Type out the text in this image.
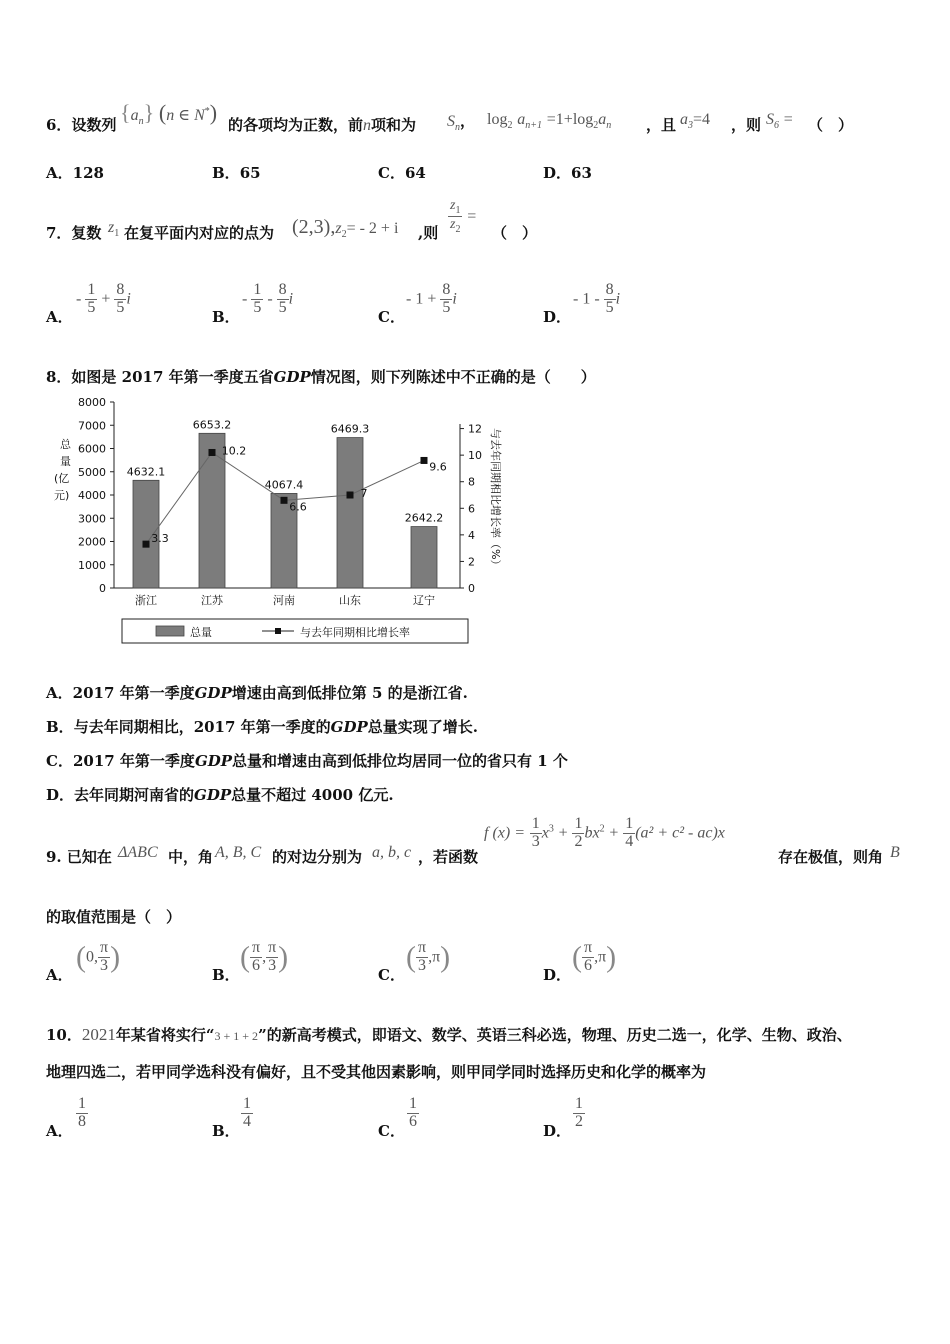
6．设数列 $\{a_n\}$ (n ∈ N*) 的各项均为正数，前n项和为 $S_n$， $\log_2 a_{n+1} =1+\log_2a_n$ ，且 $a_3=4$ ，则 $S_6$ = （　）
A．128	B．65	C．64	D．63
7．复数 $z_1$ 在复平面内对应的点为 $(2,3),z_2= - 2 + i$ ,则 $\frac{z_1}{z_2}$ =
（　）
A．
- $\frac{1}{5} + \frac{8}{5}$ i
B．
- $\frac{1}{5} - \frac{8}{5}$ i
C．
- $1 + \frac{8}{5}$ i
D．
- $1 - \frac{8}{5}$ i
8．如图是 2017 年第一季度五省GDP情况图，则下列陈述中不正确的是（　　）
0
1000
2000
3000
4000
5000
6000
7000
8000
0
2
4
6
8
10
12
总量(亿元)	与去年同期相比增长率（%）
4632.1
浙江
6653.2
江苏
4067.4
河南
6469.3
山东
2642.2
辽宁
3.3
10.2
6.6
7
9.6
总量	与去年同期相比增长率
A．2017 年第一季度GDP增速由高到低排位第 5 的是浙江省.
B．与去年同期相比，2017 年第一季度的GDP总量实现了增长.
C．2017 年第一季度GDP总量和增速由高到低排位均居同一位的省只有 1 个
D．去年同期河南省的GDP总量不超过 4000 亿元.
9. 已知在 ΔABC 中，角 A, B, C 的对边分别为 a, b, c ，若函数
f $(x) = \frac{1}{3} x^3 + \frac{1}{2} bx^2 + \frac{1}{4} (a^2 + c^2 - ac)x$
存在极值，则角 B
的取值范围是（　）
A．
(0, $\frac{\pi}{3}$ )
B．
( $\frac{\pi}{6}$ , $\frac{\pi}{3}$ )
C．
( $\frac{\pi}{3} ,\pi$)
D．
( $\frac{\pi}{6} ,\pi$)
10．2021年某省将实行“3 + 1 + 2”的新高考模式，即语文、数学、英语三科必选，物理、历史二选一，化学、生物、政治、
地理四选二，若甲同学选科没有偏好，且不受其他因素影响，则甲同学同时选择历史和化学的概率为
A．
$\frac{1}{8}$
B．
$\frac{1}{4}$
C．
$\frac{1}{6}$
D．
$\frac{1}{2}$
